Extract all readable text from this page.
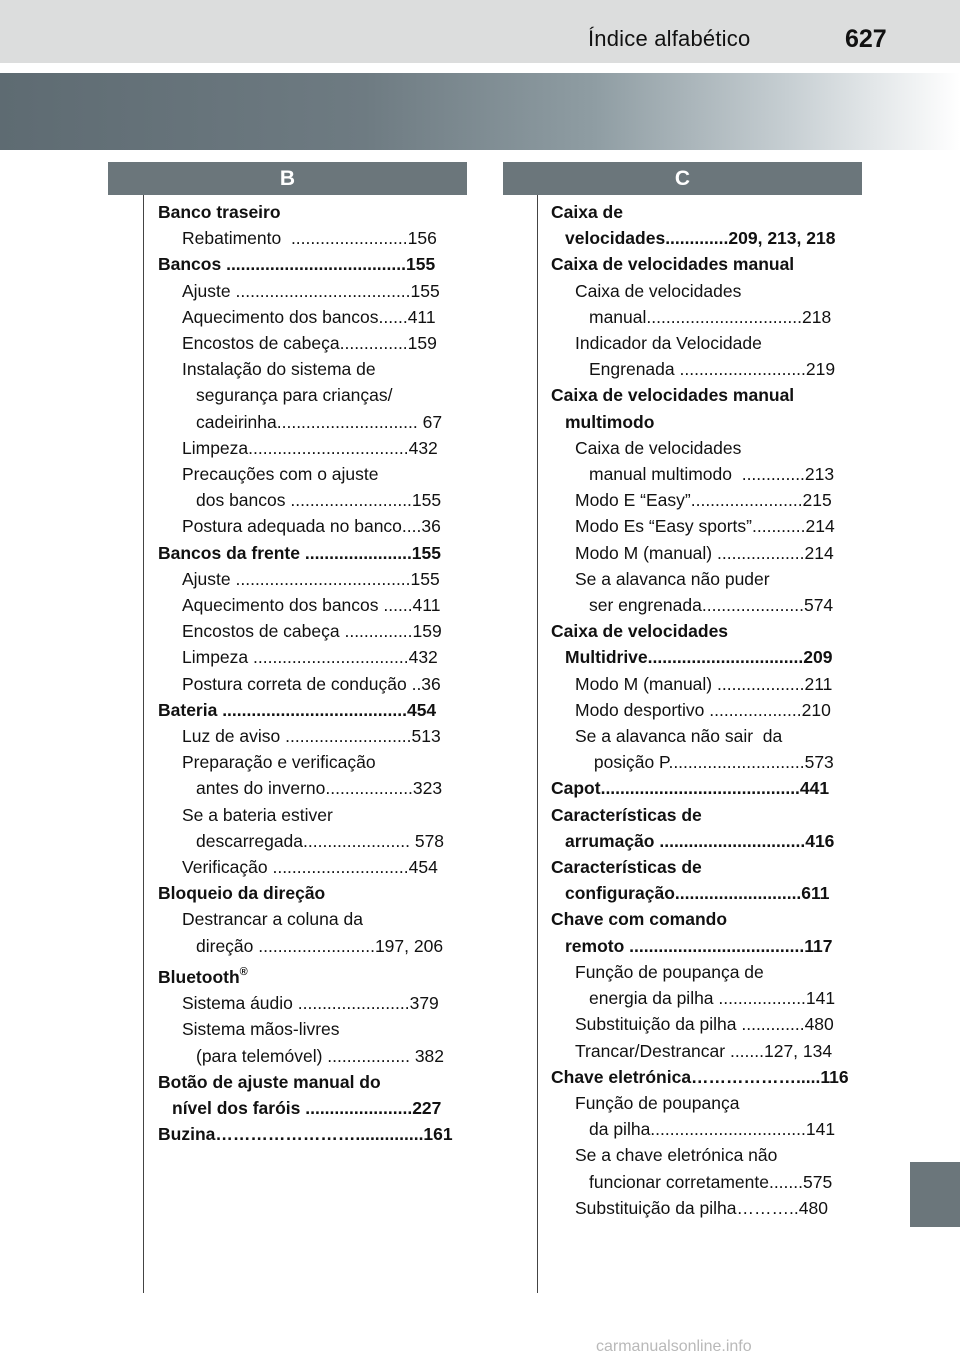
Índice alfabético	627
B	C
Banco traseiro
Rebatimento  ........................156
Bancos .....................................155
Ajuste ....................................155
Aquecimento dos bancos......411
Encostos de cabeça..............159
Instalação do sistema de
segurança para crianças/
cadeirinha............................. 67
Limpeza.................................432
Precauções com o ajuste
dos bancos .........................155
Postura adequada no banco....36
Bancos da frente ......................155
Ajuste ....................................155
Aquecimento dos bancos ......411
Encostos de cabeça ..............159
Limpeza ................................432
Postura correta de condução ..36
Bateria ......................................454
Luz de aviso ..........................513
Preparação e verificação
antes do inverno..................323
Se a bateria estiver
descarregada...................... 578
Verificação ............................454
Bloqueio da direção
Destrancar a coluna da
direção ........................197, 206
Bluetooth®
Sistema áudio .......................379
Sistema mãos-livres
(para telemóvel) ................. 382
Botão de ajuste manual do
nível dos faróis ......................227
Buzina……………………..............161
Caixa de
velocidades.............209, 213, 218
Caixa de velocidades manual
Caixa de velocidades
manual................................218
Indicador da Velocidade
Engrenada ..........................219
Caixa de velocidades manual
multimodo
Caixa de velocidades
manual multimodo  .............213
Modo E “Easy”.......................215
Modo Es “Easy sports”...........214
Modo M (manual) ..................214
Se a alavanca não puder
ser engrenada.....................574
Caixa de velocidades
Multidrive................................209
Modo M (manual) ..................211
Modo desportivo ...................210
Se a alavanca não sair  da
posição P............................573
Capot.........................................441
Características de
arrumação ..............................416
Características de
configuração..........................611
Chave com comando
remoto ....................................117
Função de poupança de
energia da pilha ..................141
Substituição da pilha .............480
Trancar/Destrancar .......127, 134
Chave eletrónica……………….....116
Função de poupança
da pilha................................141
Se a chave eletrónica não
funcionar corretamente.......575
Substituição da pilha………..480
carmanualsonline.info
